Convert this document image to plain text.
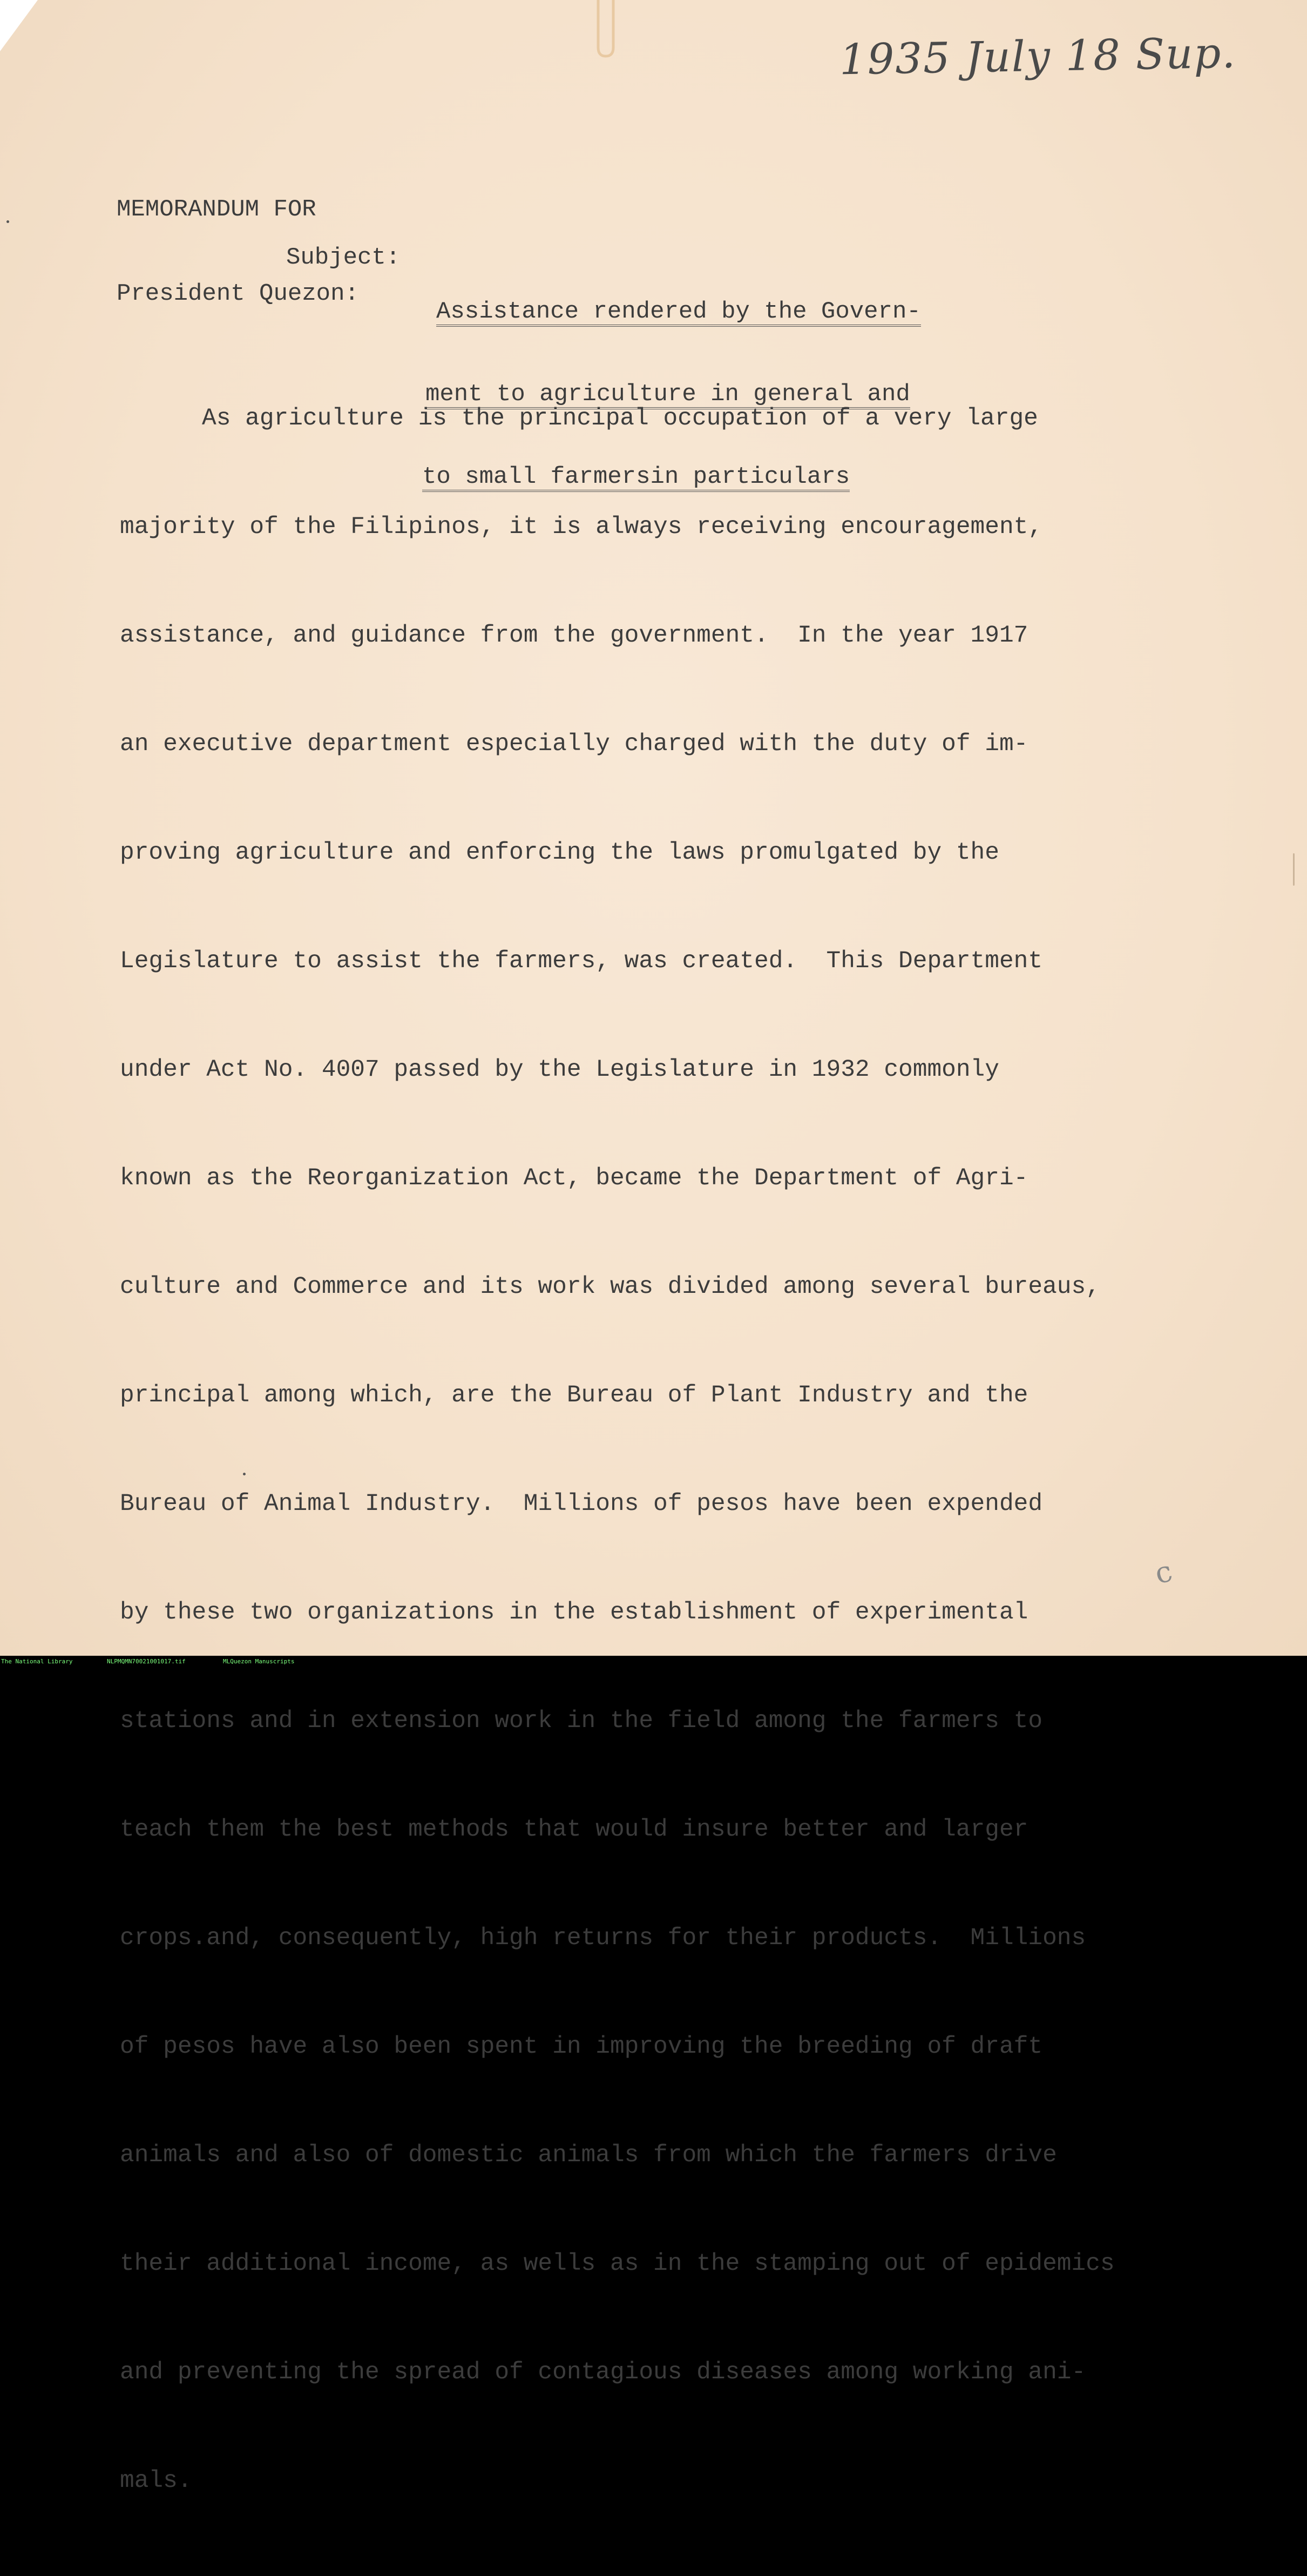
1935 July 18 Sup.

MEMORANDUM FOR

President Quezon:

Subject:

Assistance rendered by the Govern-

ment to agriculture in general and

to small farmersin particulars

As agriculture is the principal occupation of a very large

majority of the Filipinos, it is always receiving encouragement,

assistance, and guidance from the government.  In the year 1917

an executive department especially charged with the duty of im-

proving agriculture and enforcing the laws promulgated by the

Legislature to assist the farmers, was created.  This Department

under Act No. 4007 passed by the Legislature in 1932 commonly

known as the Reorganization Act, became the Department of Agri-

culture and Commerce and its work was divided among several bureaus,

principal among which, are the Bureau of Plant Industry and the

Bureau of Animal Industry.  Millions of pesos have been expended

by these two organizations in the establishment of experimental

stations and in extension work in the field among the farmers to

teach them the best methods that would insure better and larger

crops.and, consequently, high returns for their products.  Millions

of pesos have also been spent in improving the breeding of draft

animals and also of domestic animals from which the farmers drive

their additional income, as wells as in the stamping out of epidemics

and preventing the spread of contagious diseases among working ani-

mals.

c
The National Library	NLPMQMN70021001017.tif	MLQuezon Manuscripts
